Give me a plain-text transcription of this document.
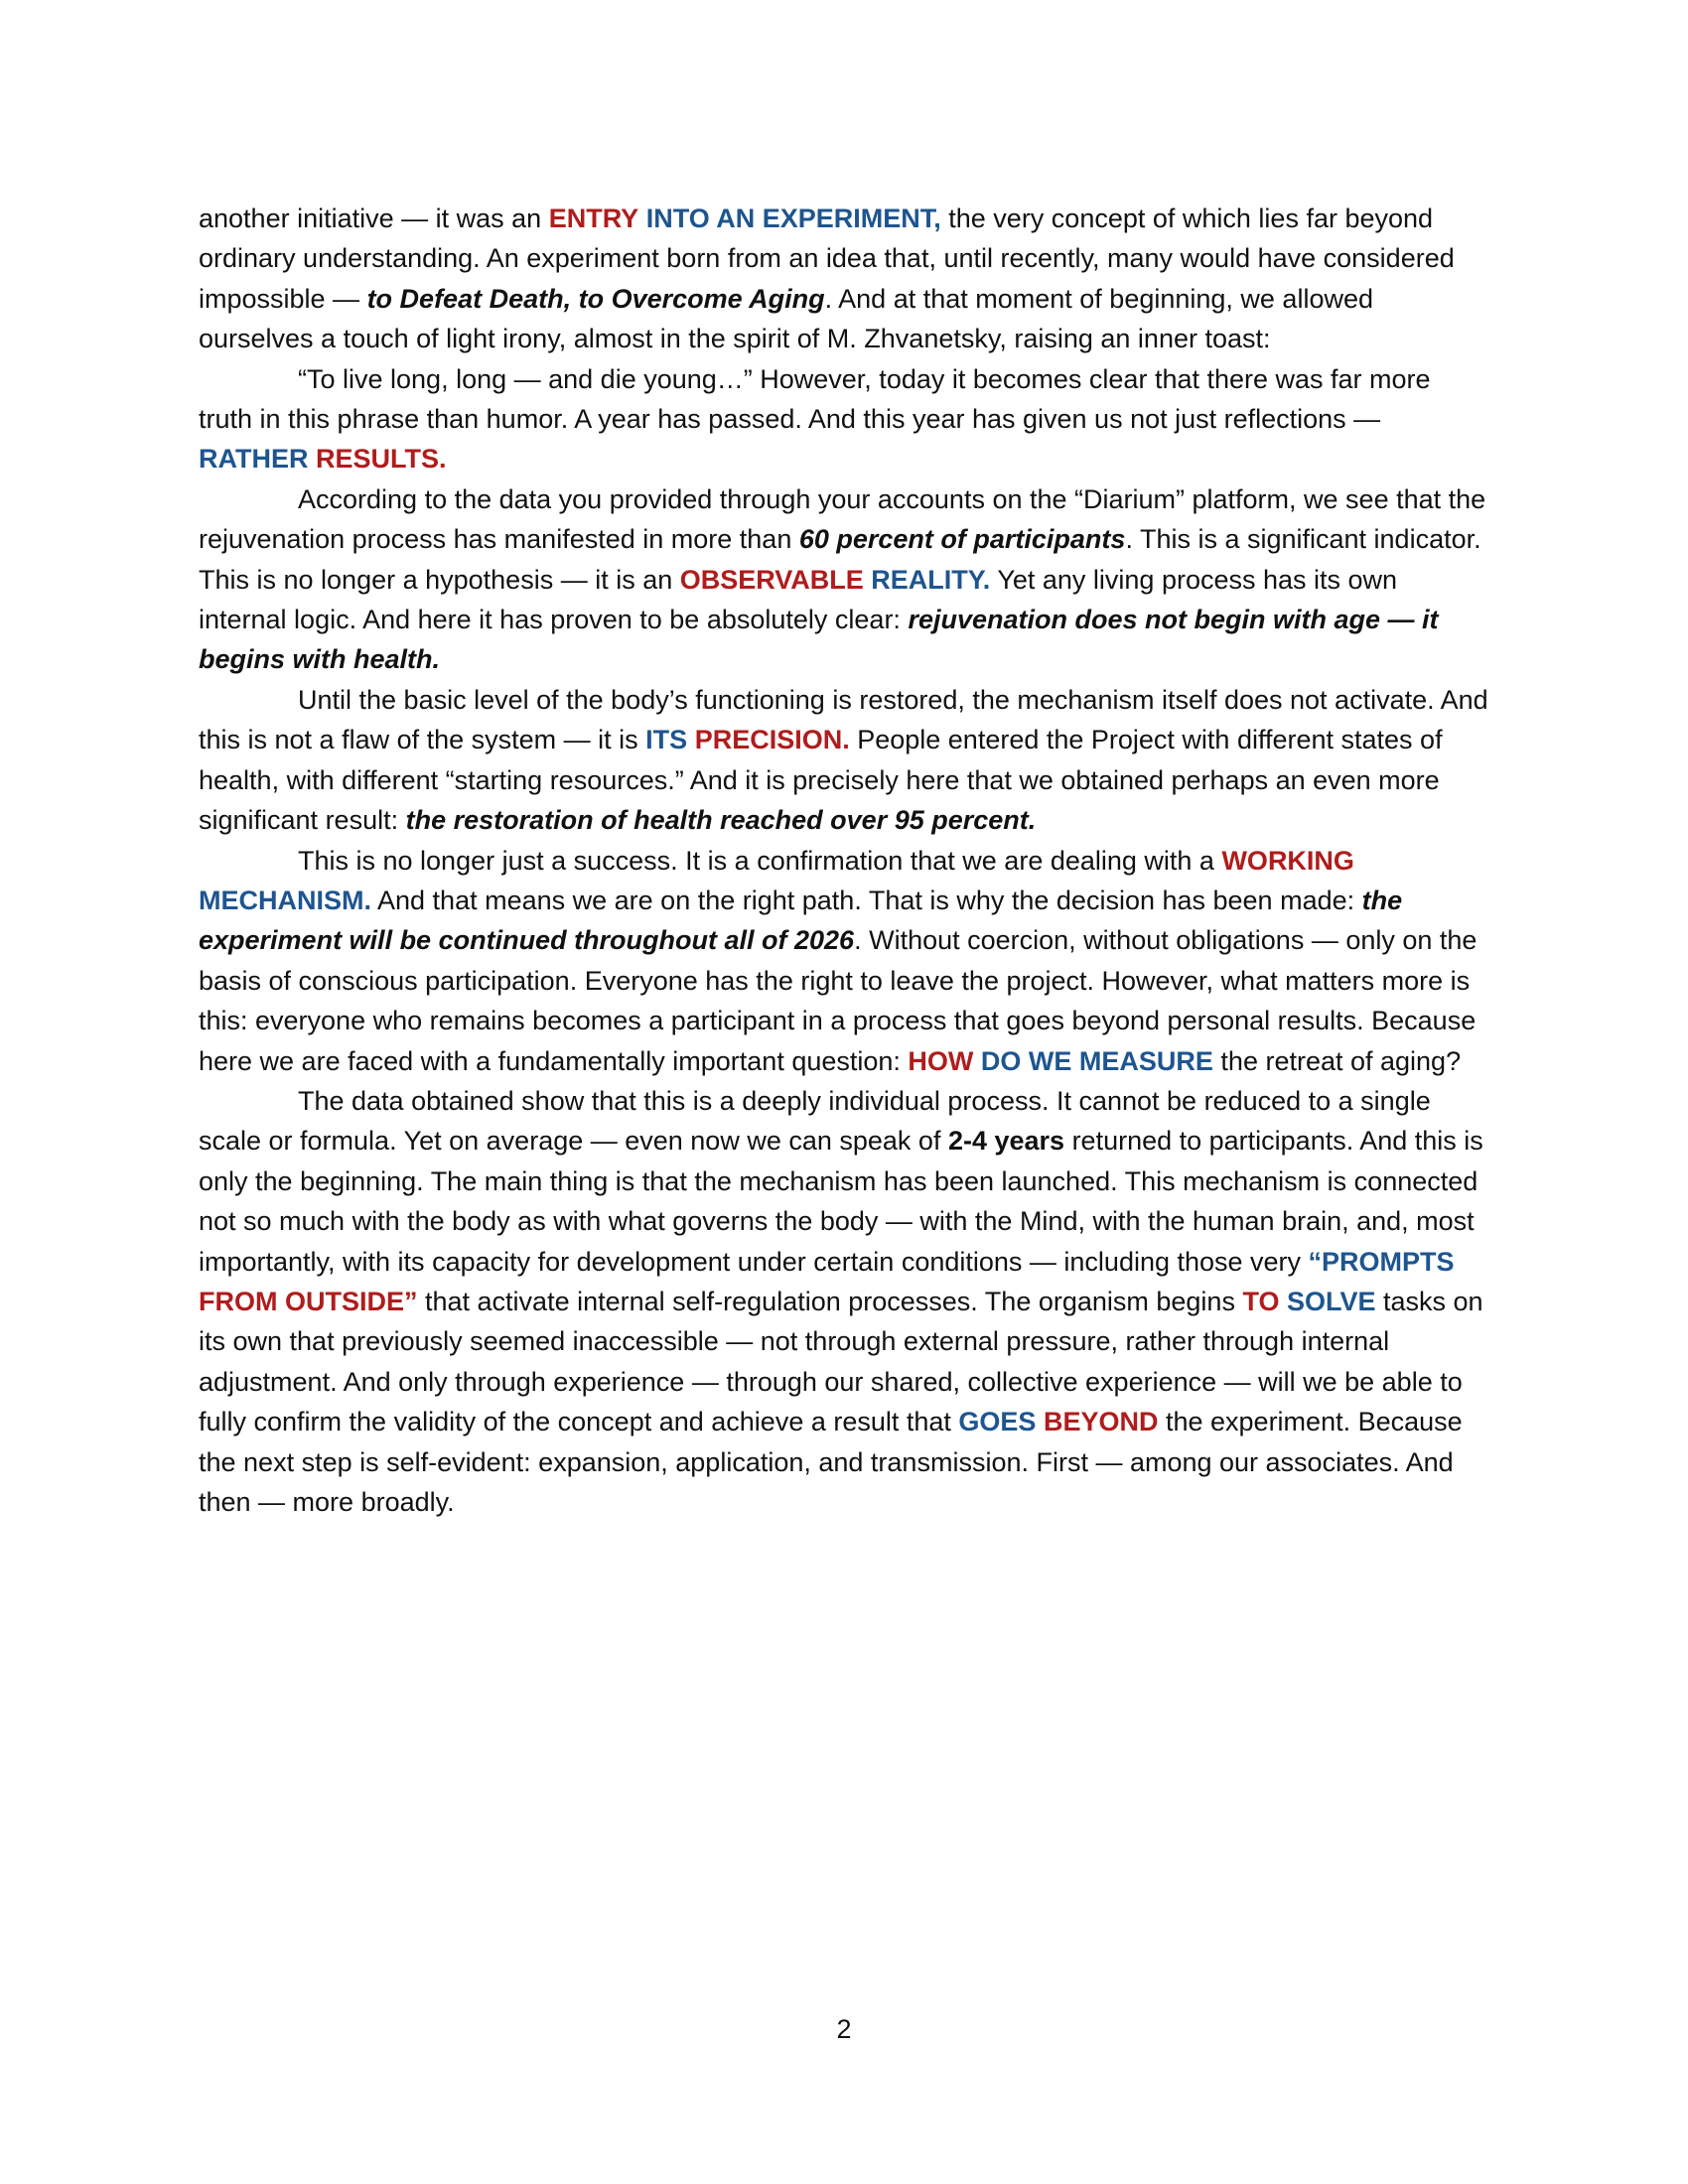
another initiative — it was an ENTRY INTO AN EXPERIMENT, the very concept of which lies far beyond ordinary understanding. An experiment born from an idea that, until recently, many would have considered impossible — to Defeat Death, to Overcome Aging. And at that moment of beginning, we allowed ourselves a touch of light irony, almost in the spirit of M. Zhvanetsky, raising an inner toast:

“To live long, long — and die young…” However, today it becomes clear that there was far more truth in this phrase than humor. A year has passed. And this year has given us not just reflections — RATHER RESULTS.

According to the data you provided through your accounts on the “Diarium” platform, we see that the rejuvenation process has manifested in more than 60 percent of participants. This is a significant indicator. This is no longer a hypothesis — it is an OBSERVABLE REALITY. Yet any living process has its own internal logic. And here it has proven to be absolutely clear: rejuvenation does not begin with age — it begins with health.

Until the basic level of the body’s functioning is restored, the mechanism itself does not activate. And this is not a flaw of the system — it is ITS PRECISION. People entered the Project with different states of health, with different “starting resources.” And it is precisely here that we obtained perhaps an even more significant result: the restoration of health reached over 95 percent.

This is no longer just a success. It is a confirmation that we are dealing with a WORKING MECHANISM. And that means we are on the right path. That is why the decision has been made: the experiment will be continued throughout all of 2026. Without coercion, without obligations — only on the basis of conscious participation. Everyone has the right to leave the project. However, what matters more is this: everyone who remains becomes a participant in a process that goes beyond personal results. Because here we are faced with a fundamentally important question: HOW DO WE MEASURE the retreat of aging?

The data obtained show that this is a deeply individual process. It cannot be reduced to a single scale or formula. Yet on average — even now we can speak of 2-4 years returned to participants. And this is only the beginning. The main thing is that the mechanism has been launched. This mechanism is connected not so much with the body as with what governs the body — with the Mind, with the human brain, and, most importantly, with its capacity for development under certain conditions — including those very “PROMPTS FROM OUTSIDE” that activate internal self-regulation processes. The organism begins TO SOLVE tasks on its own that previously seemed inaccessible — not through external pressure, rather through internal adjustment. And only through experience — through our shared, collective experience — will we be able to fully confirm the validity of the concept and achieve a result that GOES BEYOND the experiment. Because the next step is self-evident: expansion, application, and transmission. First — among our associates. And then — more broadly.

2
